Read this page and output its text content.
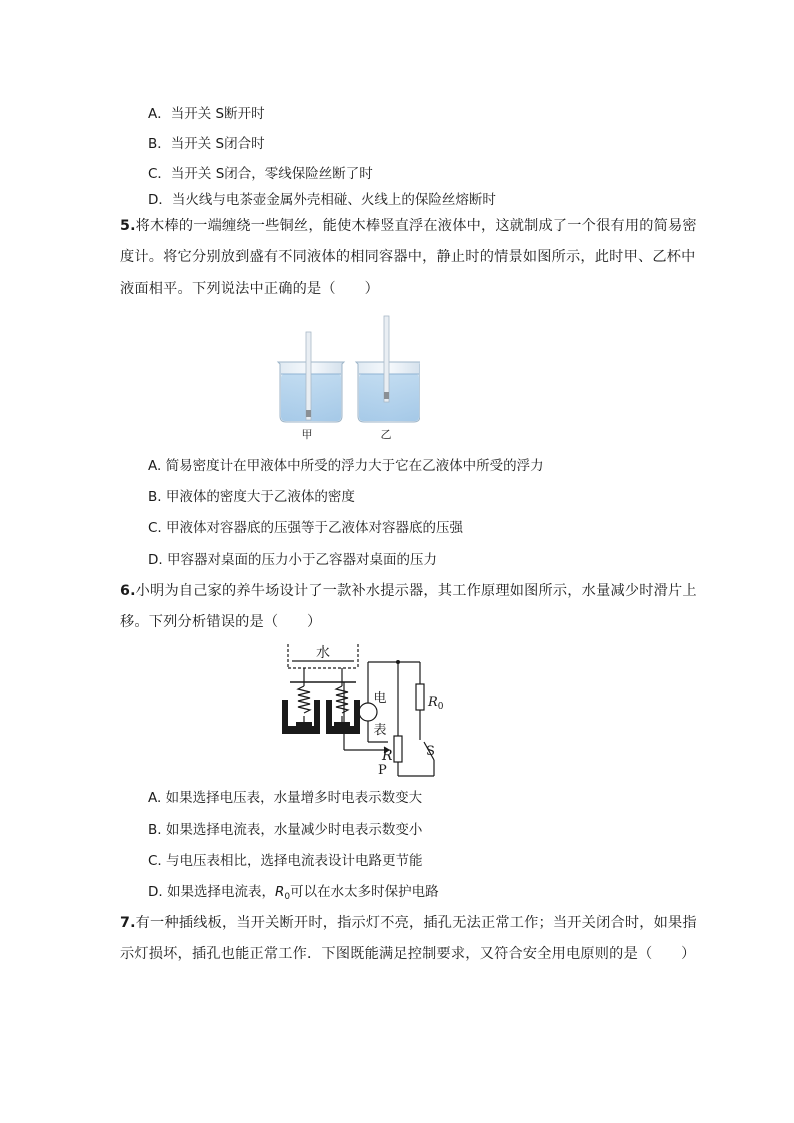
A．当开关 S断开时
B．当开关 S闭合时
C．当开关 S闭合，零线保险丝断了时
D．当火线与电茶壶金属外壳相碰、火线上的保险丝熔断时
5.将木棒的一端缠绕一些铜丝，能使木棒竖直浮在液体中，这就制成了一个很有用的简易密
度计。将它分别放到盛有不同液体的相同容器中，静止时的情景如图所示，此时甲、乙杯中
液面相平。下列说法中正确的是（　　）
甲	乙
A. 简易密度计在甲液体中所受的浮力大于它在乙液体中所受的浮力
B. 甲液体的密度大于乙液体的密度
C. 甲液体对容器底的压强等于乙液体对容器底的压强
D. 甲容器对桌面的压力小于乙容器对桌面的压力
6.小明为自己家的养牛场设计了一款补水提示器，其工作原理如图所示，水量减少时滑片上
移。下列分析错误的是（　　）
水
电
表
$R_0$
R
P
S
A. 如果选择电压表，水量增多时电表示数变大
B. 如果选择电流表，水量减少时电表示数变小
C. 与电压表相比，选择电流表设计电路更节能
D. 如果选择电流表，$R_0$可以在水太多时保护电路
7.有一种插线板，当开关断开时，指示灯不亮，插孔无法正常工作；当开关闭合时，如果指
示灯损坏，插孔也能正常工作．下图既能满足控制要求，又符合安全用电原则的是（　　）
